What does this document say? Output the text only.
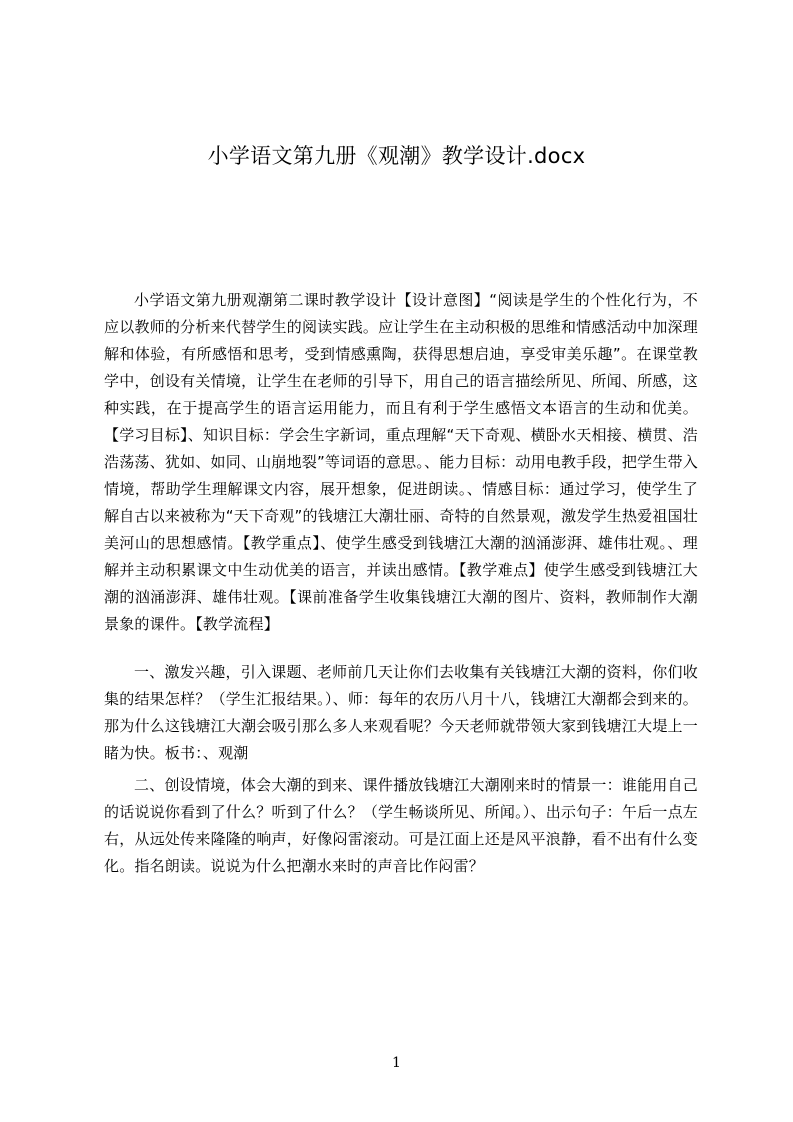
小学语文第九册《观潮》教学设计.docx

小学语文第九册观潮第二课时教学设计【设计意图】“阅读是学生的个性化行为，不应以教师的分析来代替学生的阅读实践。应让学生在主动积极的思维和情感活动中加深理解和体验，有所感悟和思考，受到情感熏陶，获得思想启迪，享受审美乐趣”。在课堂教学中，创设有关情境，让学生在老师的引导下，用自己的语言描绘所见、所闻、所感，这种实践，在于提高学生的语言运用能力，而且有利于学生感悟文本语言的生动和优美。【学习目标】、知识目标：学会生字新词，重点理解“天下奇观、横卧水天相接、横贯、浩浩荡荡、犹如、如同、山崩地裂”等词语的意思。、能力目标：动用电教手段，把学生带入情境，帮助学生理解课文内容，展开想象，促进朗读。、情感目标：通过学习，使学生了解自古以来被称为“天下奇观”的钱塘江大潮壮丽、奇特的自然景观，激发学生热爱祖国壮美河山的思想感情。【教学重点】、使学生感受到钱塘江大潮的汹涌澎湃、雄伟壮观。、理解并主动积累课文中生动优美的语言，并读出感情。【教学难点】使学生感受到钱塘江大潮的汹涌澎湃、雄伟壮观。【课前准备学生收集钱塘江大潮的图片、资料，教师制作大潮景象的课件。【教学流程】

一、激发兴趣，引入课题、老师前几天让你们去收集有关钱塘江大潮的资料，你们收集的结果怎样？（学生汇报结果。）、师：每年的农历八月十八，钱塘江大潮都会到来的。那为什么这钱塘江大潮会吸引那么多人来观看呢？今天老师就带领大家到钱塘江大堤上一睹为快。板书：、观潮

二、创设情境，体会大潮的到来、课件播放钱塘江大潮刚来时的情景一：谁能用自己的话说说你看到了什么？听到了什么？（学生畅谈所见、所闻。）、出示句子：午后一点左右，从远处传来隆隆的响声，好像闷雷滚动。可是江面上还是风平浪静，看不出有什么变化。指名朗读。说说为什么把潮水来时的声音比作闷雷？

1
